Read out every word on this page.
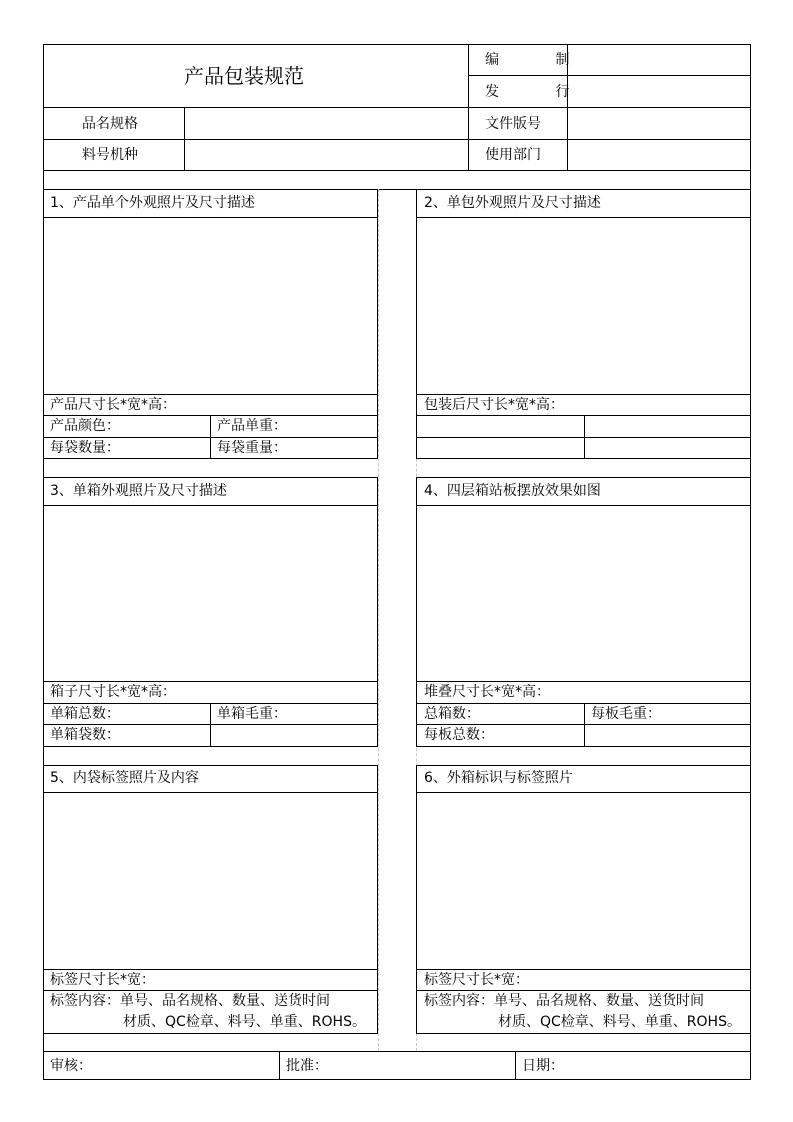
产品包装规范
编 制
发 行
品名规格	文件版号
料号机种	使用部门
1、产品单个外观照片及尺寸描述
产品尺寸长*宽*高：
产品颜色：	产品单重：
每袋数量：	每袋重量：
2、单包外观照片及尺寸描述
包装后尺寸长*宽*高：
3、单箱外观照片及尺寸描述
箱子尺寸长*宽*高：
单箱总数：	单箱毛重：
单箱袋数：
4、四层箱站板摆放效果如图
堆叠尺寸长*宽*高：
总箱数：	每板毛重：
每板总数：
5、内袋标签照片及内容
标签尺寸长*宽：
标签内容：单号、品名规格、数量、送货时间
材质、QC检章、料号、单重、ROHS。
6、外箱标识与标签照片
标签尺寸长*宽：
标签内容：单号、品名规格、数量、送货时间
材质、QC检章、料号、单重、ROHS。
审核：	批准：	日期：
